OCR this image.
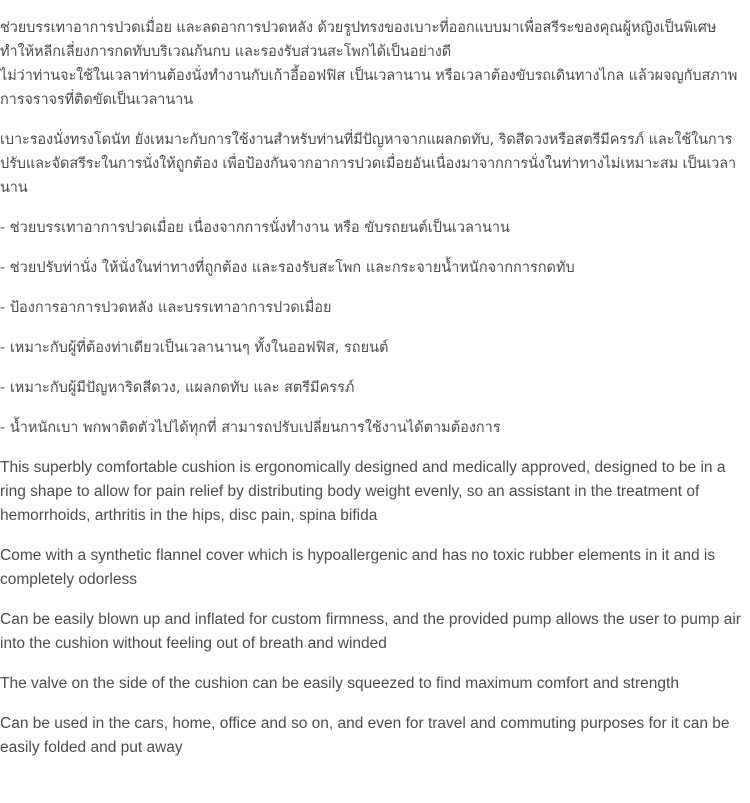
ช่วยบรรเทาอาการปวดเมื่อย และลดอาการปวดหลัง ด้วยรูปทรงของเบาะที่ออกแบบมาเพื่อสรีระของคุณผู้หญิงเป็นพิเศษ ทำให้หลีกเลี่ยงการกดทับบริเวณก้นกบ และรองรับส่วนสะโพกได้เป็นอย่างดี
ไม่ว่าท่านจะใช้ในเวลาท่านต้องนั่งทำงานกับเก้าอี้ออฟฟิส เป็นเวลานาน หรือเวลาต้องขับรถเดินทางไกล แล้วผจญกับสภาพการจราจรที่ติดขัดเป็นเวลานาน

เบาะรองนั่งทรงโดนัท ยังเหมาะกับการใช้งานสำหรับท่านที่มีปัญหาจากแผลกดทับ, ริดสีดวงหรือสตรีมีครรภ์ และใช้ในการปรับและจัดสรีระในการนั่งให้ถูกต้อง เพื่อป้องกันจากอาการปวดเมื่อยอันเนื่องมาจากการนั่งในท่าทางไม่เหมาะสม เป็นเวลานาน

- ช่วยบรรเทาอาการปวดเมื่อย เนื่องจากการนั่งทำงาน หรือ ขับรถยนต์เป็นเวลานาน

- ช่วยปรับท่านั่ง ให้นั่งในท่าทางที่ถูกต้อง และรองรับสะโพก และกระจายน้ำหนักจากการกดทับ

- ป้องการอาการปวดหลัง และบรรเทาอาการปวดเมื่อย

- เหมาะกับผู้ที่ต้องท่าเดียวเป็นเวลานานๆ ทั้งในออฟฟิส, รถยนต์

- เหมาะกับผู้มีปัญหาริดสีดวง, แผลกดทับ และ สตรีมีครรภ์

- น้ำหนักเบา พกพาติดตัวไปได้ทุกที่ สามารถปรับเปลี่ยนการใช้งานได้ตามต้องการ

This superbly comfortable cushion is ergonomically designed and medically approved, designed to be in a ring shape to allow for pain relief by distributing body weight evenly, so an assistant in the treatment of hemorrhoids, arthritis in the hips, disc pain, spina bifida

Come with a synthetic flannel cover which is hypoallergenic and has no toxic rubber elements in it and is completely odorless

Can be easily blown up and inflated for custom firmness, and the provided pump allows the user to pump air into the cushion without feeling out of breath and winded

The valve on the side of the cushion can be easily squeezed to find maximum comfort and strength

Can be used in the cars, home, office and so on, and even for travel and commuting purposes for it can be easily folded and put away
